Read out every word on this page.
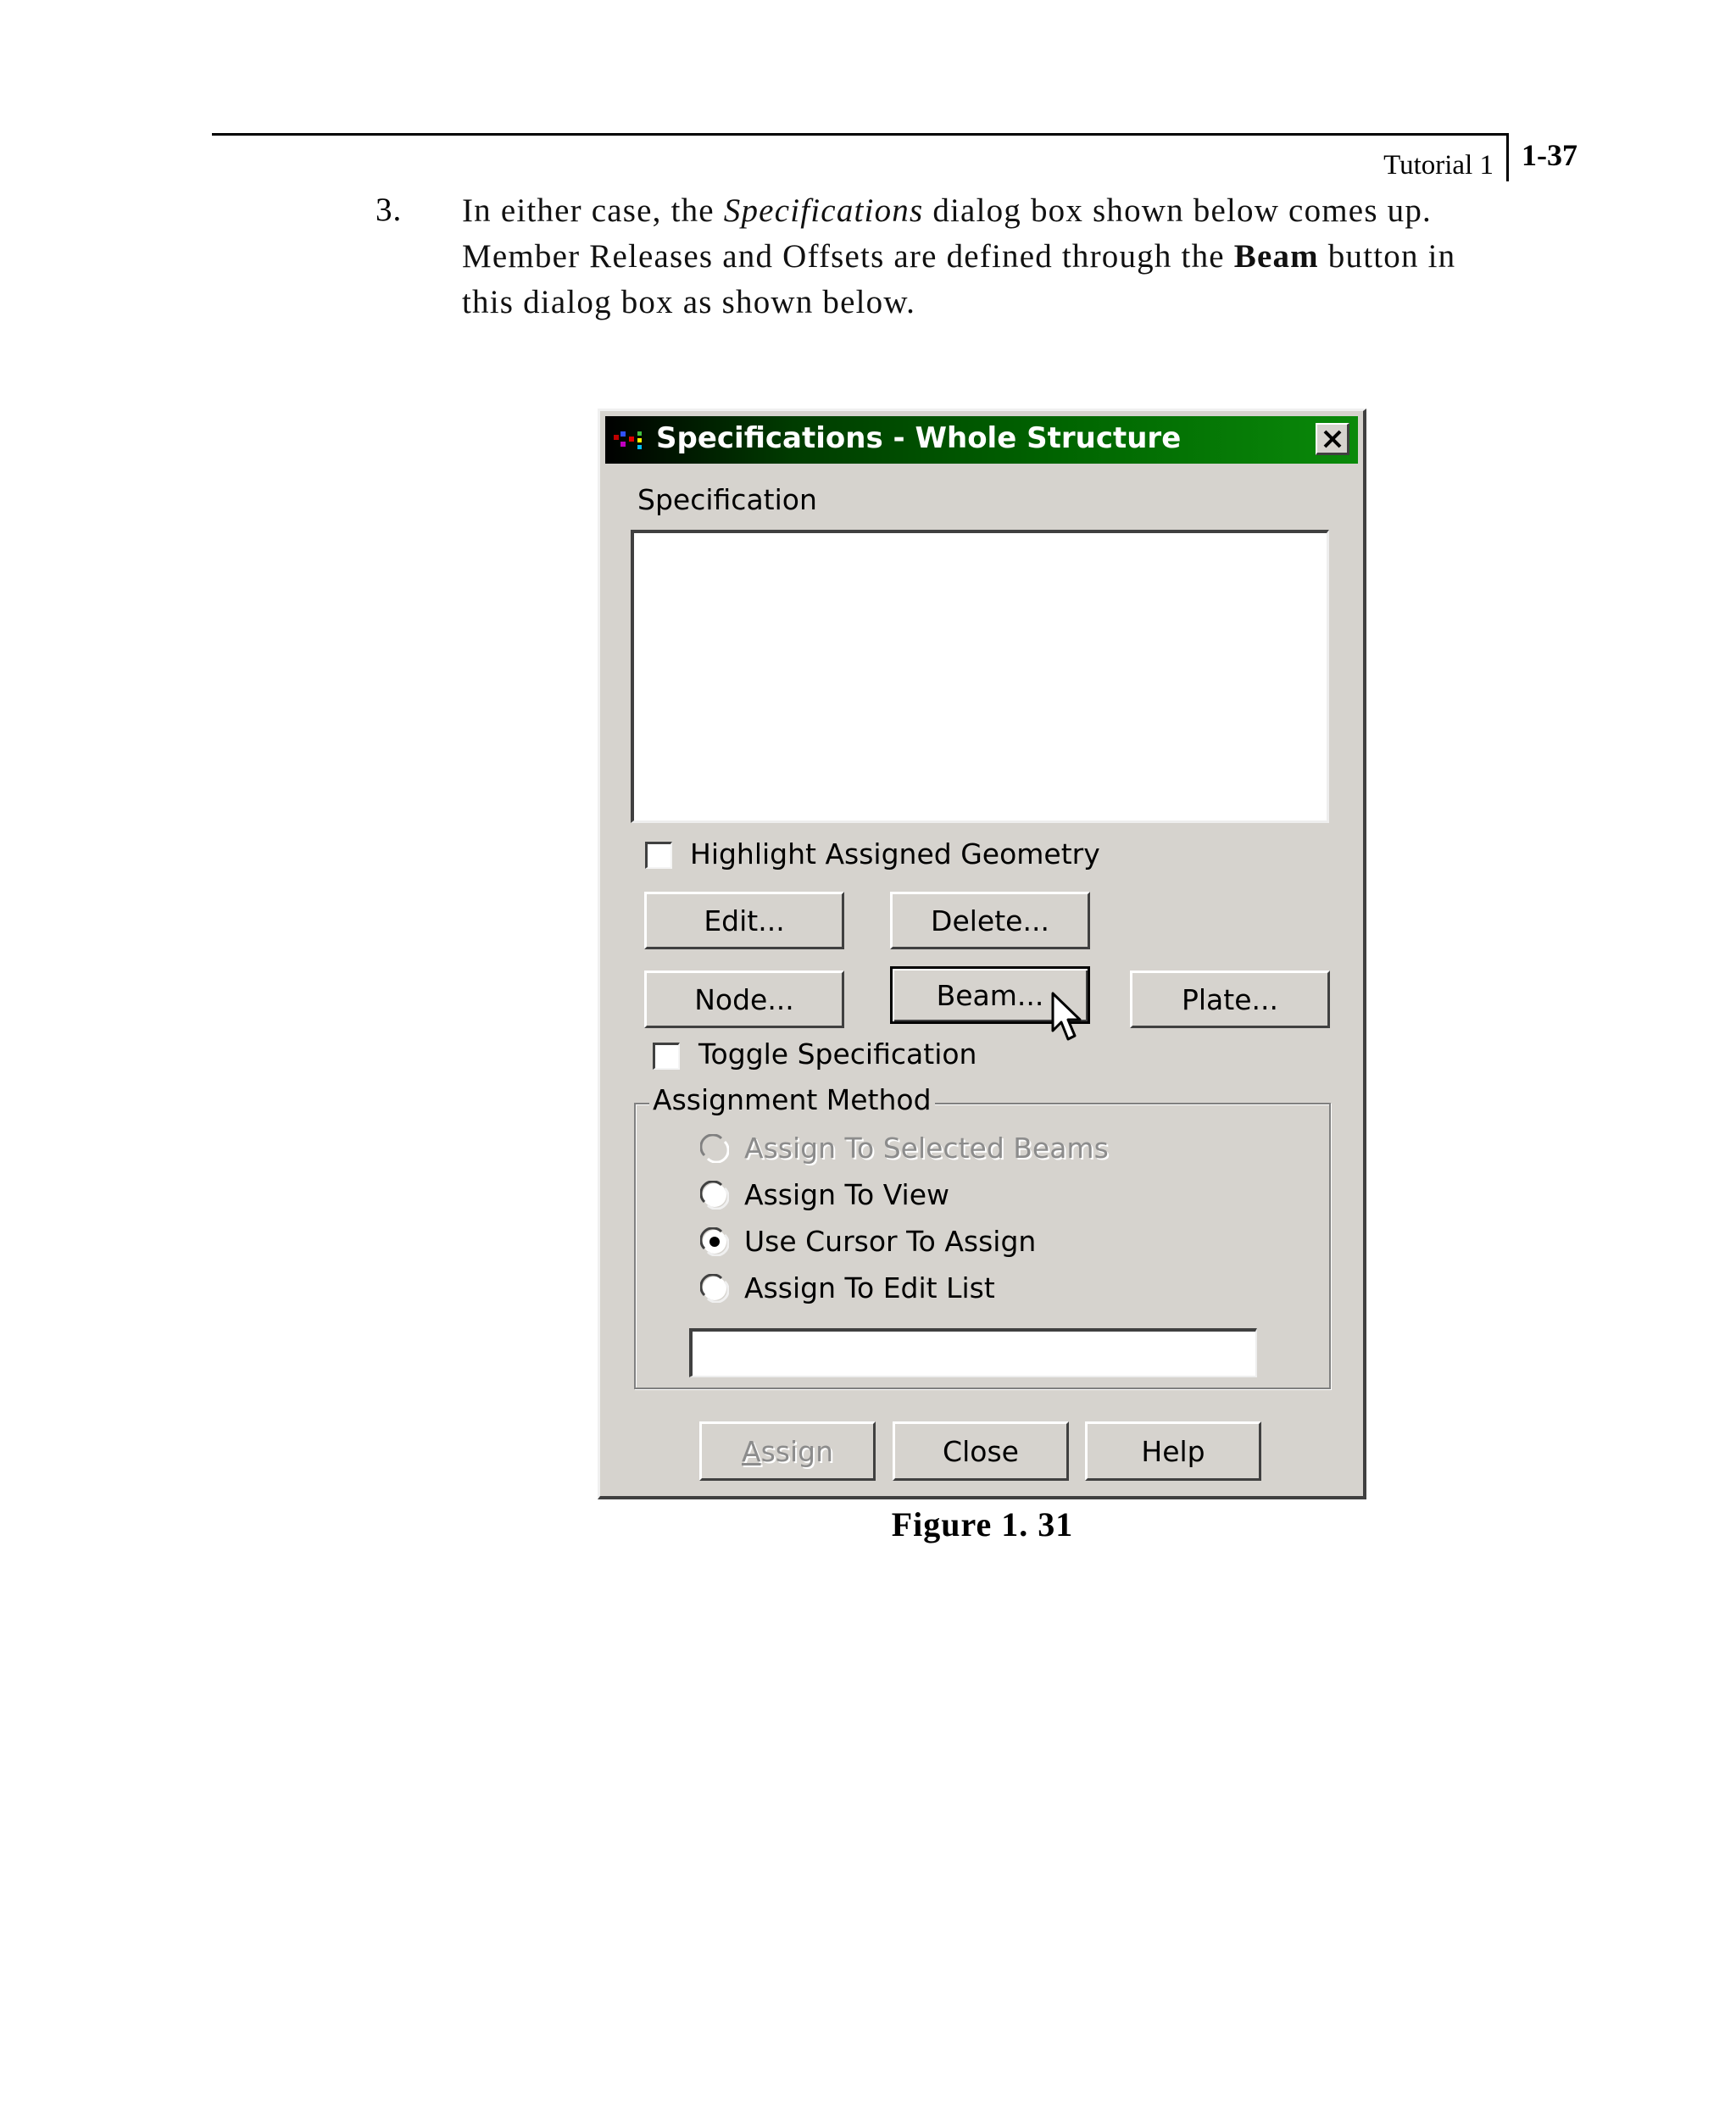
Tutorial 1 1-37
3. In either case, the Specifications dialog box shown below comes up. Member Releases and Offsets are defined through the Beam button in this dialog box as shown below.
Specifications - Whole Structure
Specification
Highlight Assigned Geometry
Edit...	Delete...
Node...	Beam...	Plate...
Toggle Specification
Assignment Method
Assign To Selected Beams
Assign To View
Use Cursor To Assign
Assign To Edit List
A ssign	Close	Help
Figure 1. 31
